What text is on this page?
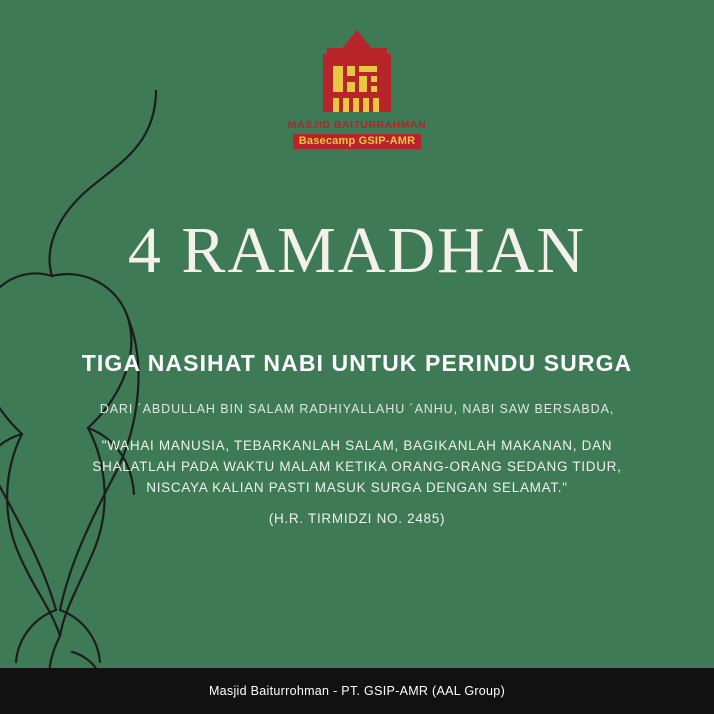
MASJID BAITURRAHMAN
Basecamp GSIP-AMR
4 RAMADHAN
TIGA NASIHAT NABI UNTUK PERINDU SURGA
DARI ´ABDULLAH BIN SALAM RADHIYALLAHU ´ANHU, NABI SAW BERSABDA,
"WAHAI MANUSIA, TEBARKANLAH SALAM, BAGIKANLAH MAKANAN, DAN SHALATLAH PADA WAKTU MALAM KETIKA ORANG-ORANG SEDANG TIDUR, NISCAYA KALIAN PASTI MASUK SURGA DENGAN SELAMAT."
(H.R. TIRMIDZI NO. 2485)
Masjid Baiturrohman - PT. GSIP-AMR (AAL Group)
